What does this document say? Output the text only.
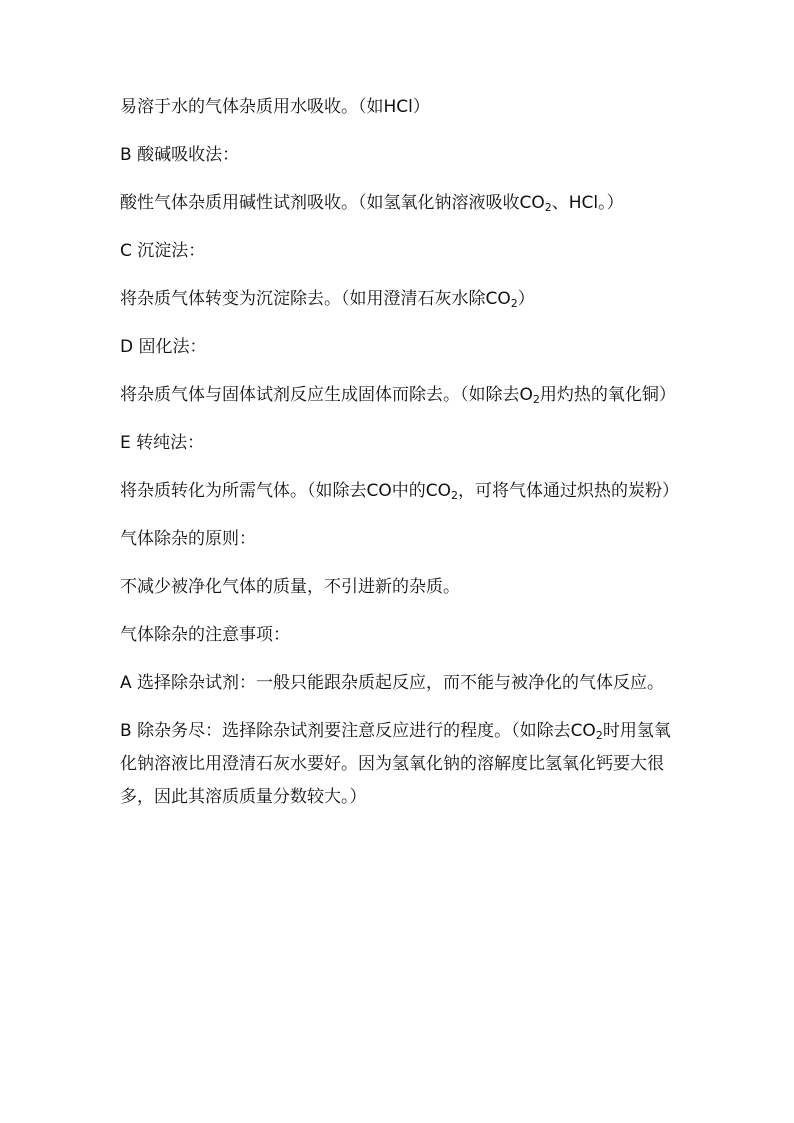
易溶于水的气体杂质用水吸收。（如HCl）

B 酸碱吸收法：

酸性气体杂质用碱性试剂吸收。（如氢氧化钠溶液吸收$CO_2$、HCl。）

C 沉淀法：

将杂质气体转变为沉淀除去。（如用澄清石灰水除$CO_2$）

D 固化法：

将杂质气体与固体试剂反应生成固体而除去。（如除去$O_2$用灼热的氧化铜）

E 转纯法：

将杂质转化为所需气体。（如除去CO中的$CO_2$，可将气体通过炽热的炭粉）

气体除杂的原则：

不减少被净化气体的质量，不引进新的杂质。

气体除杂的注意事项：

A 选择除杂试剂：一般只能跟杂质起反应，而不能与被净化的气体反应。

B 除杂务尽：选择除杂试剂要注意反应进行的程度。（如除去$CO_2$时用氢氧化钠溶液比用澄清石灰水要好。因为氢氧化钠的溶解度比氢氧化钙要大很多，因此其溶质质量分数较大。）
